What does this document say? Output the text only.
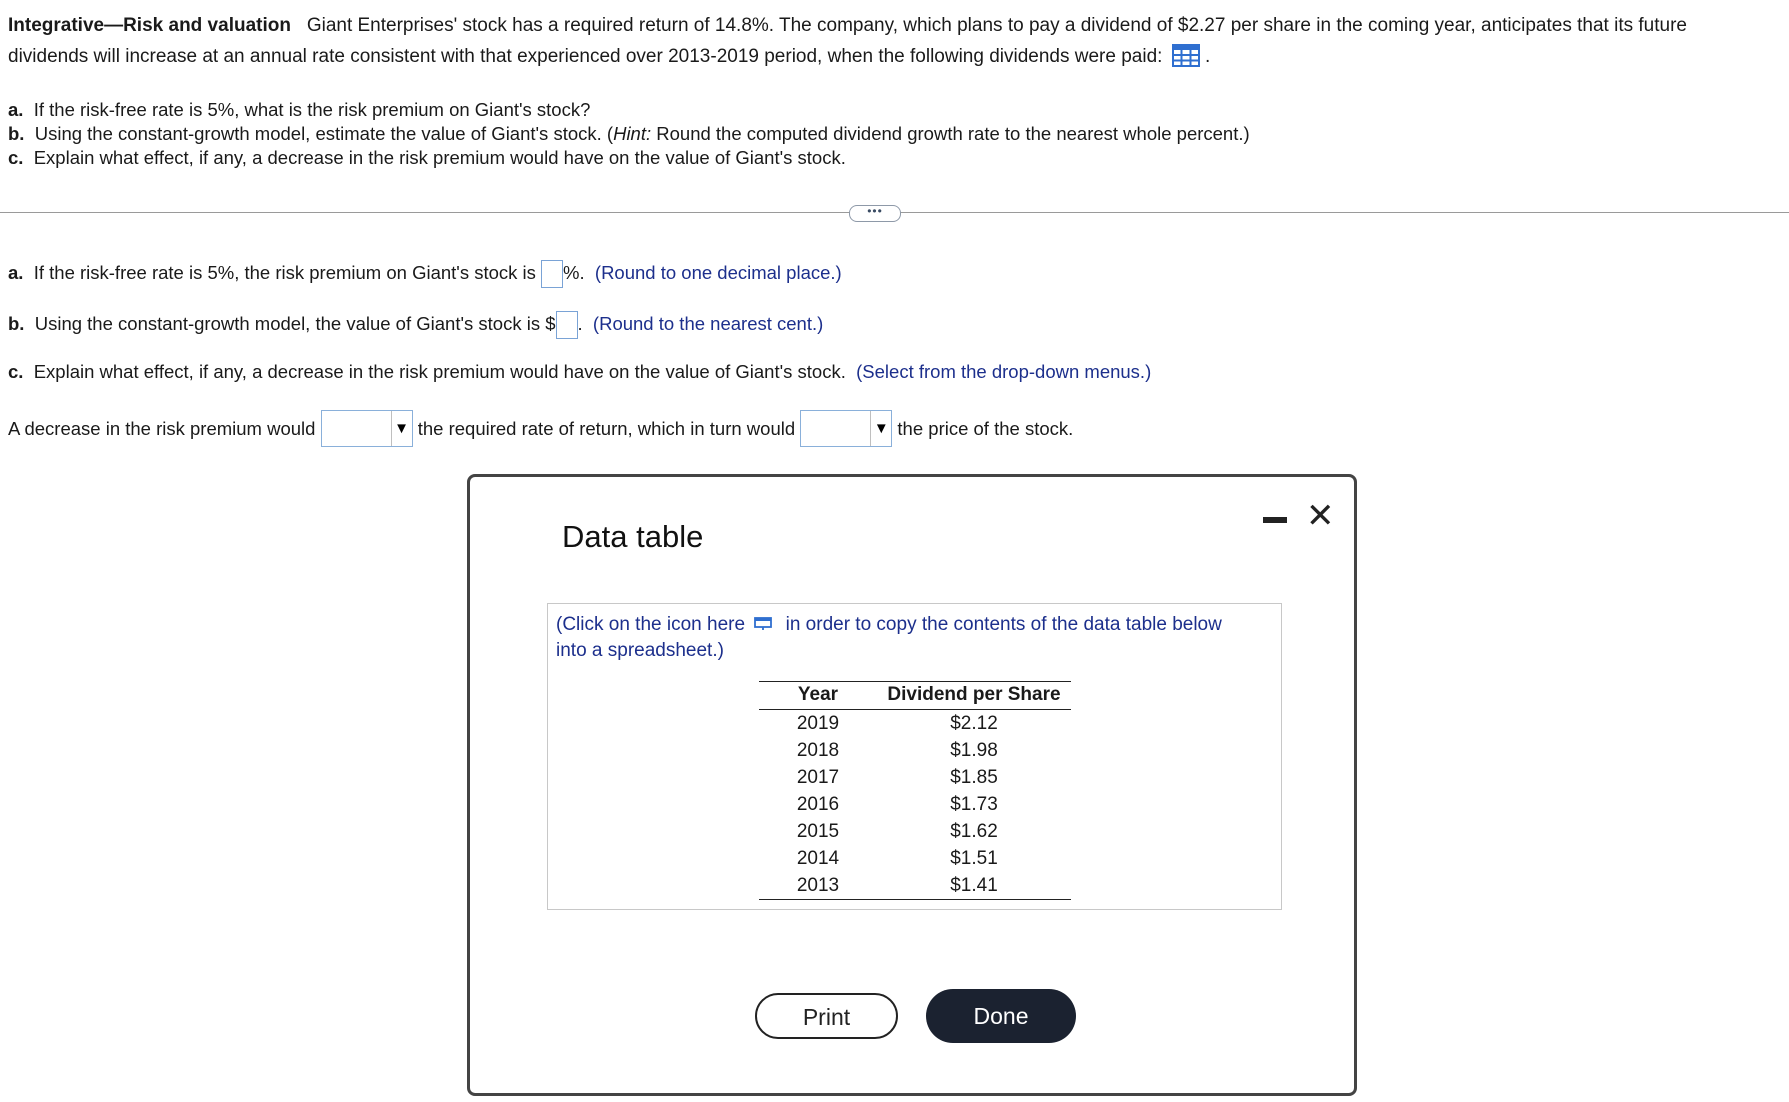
Integrative—Risk and valuation Giant Enterprises' stock has a required return of 14.8%. The company, which plans to pay a dividend of $2.27 per share in the coming year, anticipates that its future
dividends will increase at an annual rate consistent with that experienced over 2013-2019 period, when the following dividends were paid: .
a. If the risk-free rate is 5%, what is the risk premium on Giant's stock?
b. Using the constant-growth model, estimate the value of Giant's stock. (Hint: Round the computed dividend growth rate to the nearest whole percent.)
c. Explain what effect, if any, a decrease in the risk premium would have on the value of Giant's stock.
•••
a. If the risk-free rate is 5%, the risk premium on Giant's stock is %. (Round to one decimal place.)
b. Using the constant-growth model, the value of Giant's stock is $ . (Round to the nearest cent.)
c. Explain what effect, if any, a decrease in the risk premium would have on the value of Giant's stock. (Select from the drop-down menus.)
A decrease in the risk premium would	▼ the required rate of return, which in turn would	▼ the price of the stock.
Data table
✕
(Click on the icon here in order to copy the contents of the data table below into a spreadsheet.)
Year	Dividend per Share
2019	$2.12
2018	$1.98
2017	$1.85
2016	$1.73
2015	$1.62
2014	$1.51
2013	$1.41
Print	Done
